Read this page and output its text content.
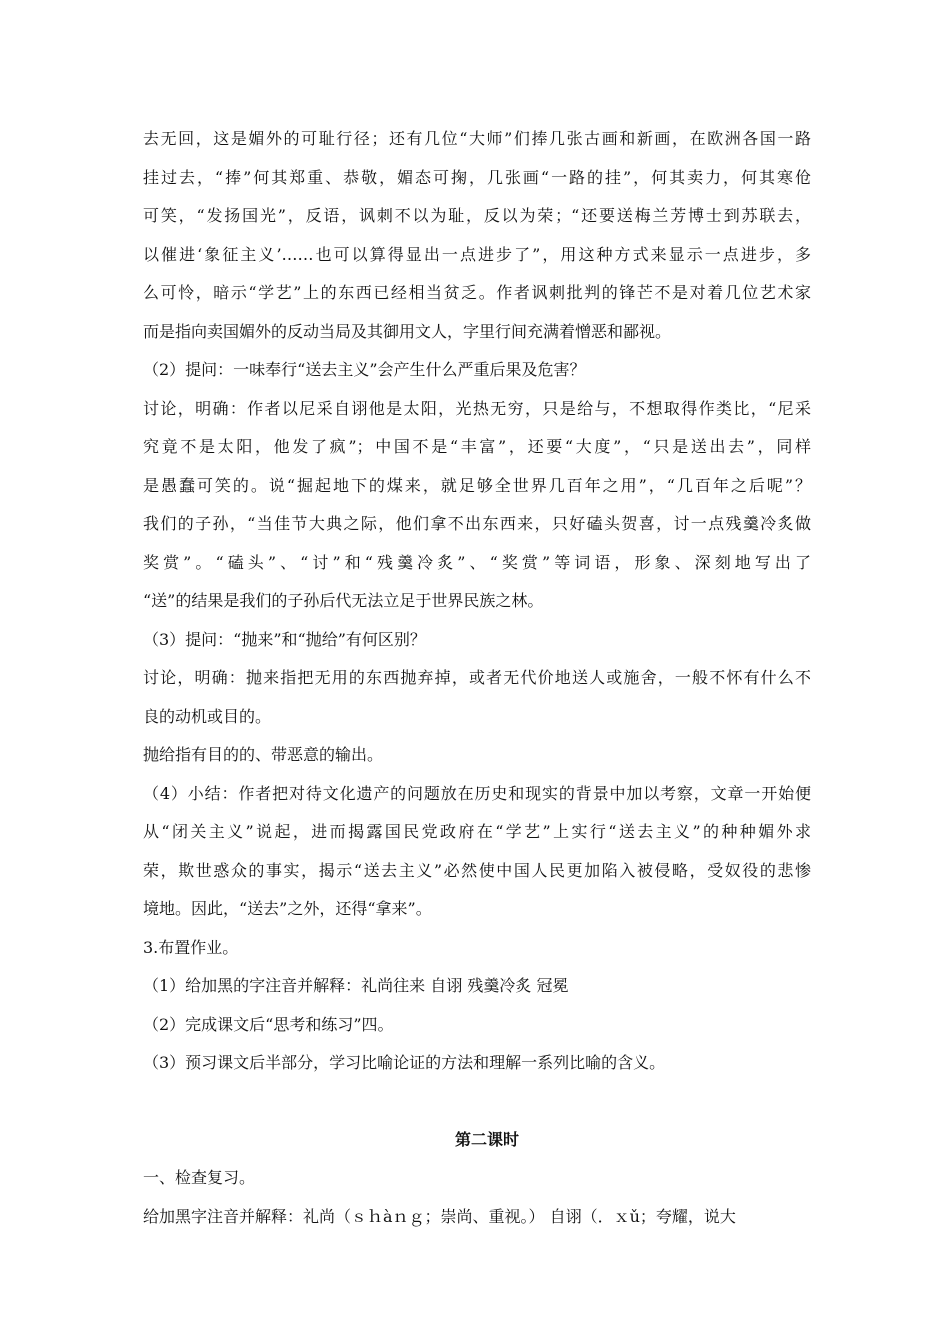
去无回，这是媚外的可耻行径；还有几位“大师”们捧几张古画和新画，在欧洲各国一路

挂过去，“捧”何其郑重、恭敬，媚态可掬，几张画“一路的挂”，何其卖力，何其寒伧

可笑，“发扬国光”，反语，讽刺不以为耻，反以为荣；“还要送梅兰芳博士到苏联去，

以催进‘象征主义’……也可以算得显出一点进步了”，用这种方式来显示一点进步，多

么可怜，暗示“学艺”上的东西已经相当贫乏。作者讽刺批判的锋芒不是对着几位艺术家

而是指向卖国媚外的反动当局及其御用文人，字里行间充满着憎恶和鄙视。

（2）提问：一味奉行“送去主义”会产生什么严重后果及危害？

讨论，明确：作者以尼采自诩他是太阳，光热无穷，只是给与，不想取得作类比，“尼采

究竟不是太阳，他发了疯”；中国不是“丰富”，还要“大度”，“只是送出去”，同样

是愚蠢可笑的。说“掘起地下的煤来，就足够全世界几百年之用”，“几百年之后呢”？

我们的子孙，“当佳节大典之际，他们拿不出东西来，只好磕头贺喜，讨一点残羹冷炙做

奖赏”。“磕头”、“讨”和“残羹冷炙”、“奖赏”等词语，形象、深刻地写出了

“送”的结果是我们的子孙后代无法立足于世界民族之林。

（3）提问：“抛来”和“抛给”有何区别？

讨论，明确：抛来指把无用的东西抛弃掉，或者无代价地送人或施舍，一般不怀有什么不

良的动机或目的。

抛给指有目的的、带恶意的输出。

（4）小结：作者把对待文化遗产的问题放在历史和现实的背景中加以考察，文章一开始便

从“闭关主义”说起，进而揭露国民党政府在“学艺”上实行“送去主义”的种种媚外求

荣，欺世惑众的事实，揭示“送去主义”必然使中国人民更加陷入被侵略，受奴役的悲惨

境地。因此，“送去”之外，还得“拿来”。

3.布置作业。

（1）给加黑的字注音并解释：礼尚往来 自诩 残羹冷炙 冠冕

（2）完成课文后“思考和练习”四。

（3）预习课文后半部分，学习比喻论证的方法和理解一系列比喻的含义。

第二课时

一、检查复习。

给加黑字注音并解释：礼尚（ｓｈàｎｇ；崇尚、重视。） 自诩（．ｘǔ；夸耀，说大
